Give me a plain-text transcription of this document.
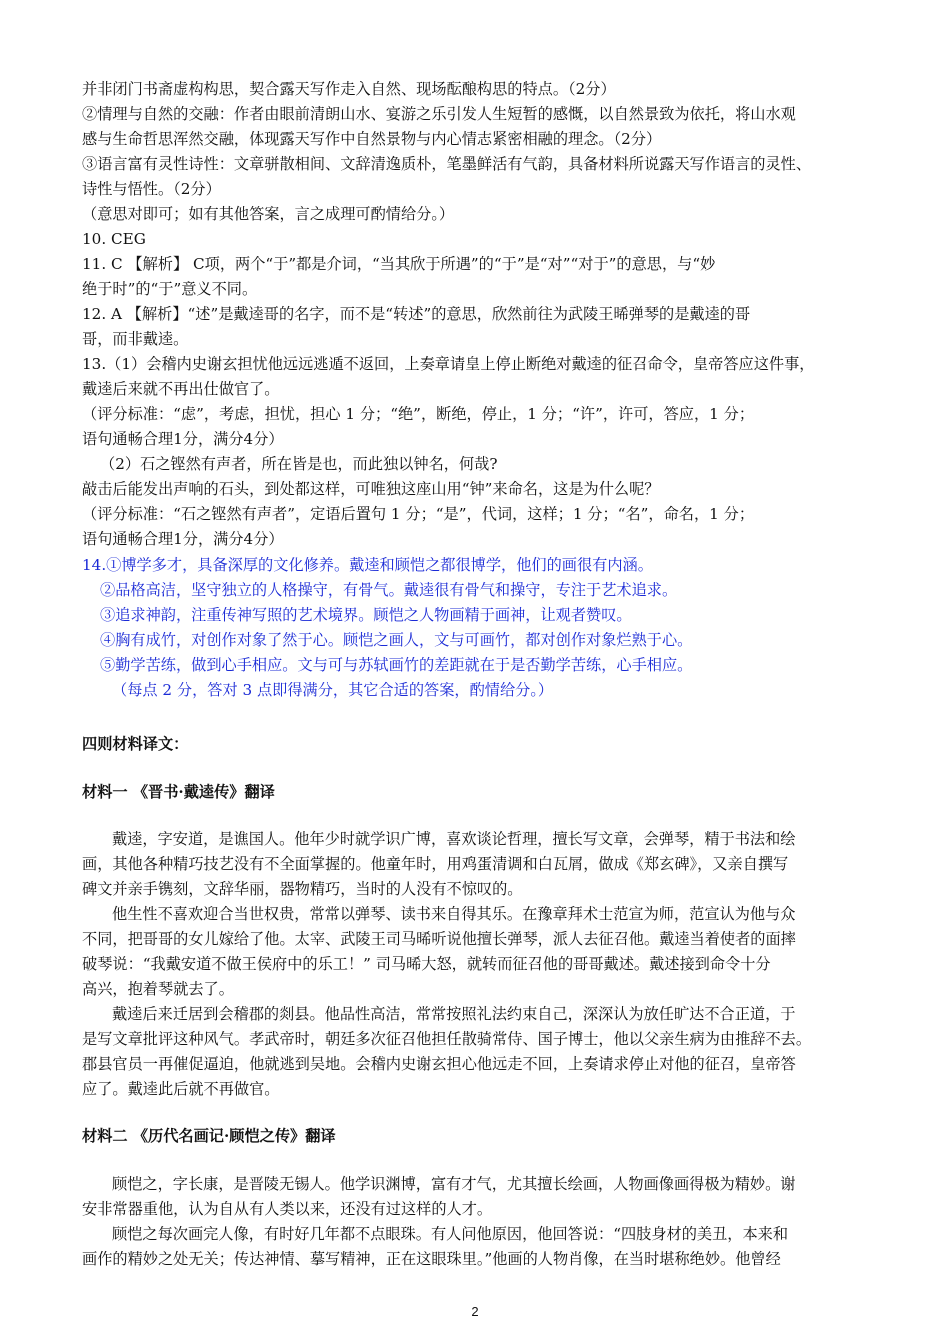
并非闭门书斋虚构构思，契合露天写作走入自然、现场酝酿构思的特点。（2分）
②情理与自然的交融：作者由眼前清朗山水、宴游之乐引发人生短暂的感慨，以自然景致为依托，将山水观
感与生命哲思浑然交融，体现露天写作中自然景物与内心情志紧密相融的理念。（2分）
③语言富有灵性诗性：文章骈散相间、文辞清逸质朴，笔墨鲜活有气韵，具备材料所说露天写作语言的灵性、
诗性与悟性。（2分）
（意思对即可；如有其他答案，言之成理可酌情给分。）
10. CEG
11. C 【解析】 C项，两个“于”都是介词，“当其欣于所遇”的“于”是“对”“对于”的意思，与“妙
绝于时”的“于”意义不同。
12. A 【解析】“述”是戴逵哥的名字，而不是“转述”的意思，欣然前往为武陵王晞弹琴的是戴逵的哥
哥，而非戴逵。
13.（1）会稽内史谢玄担忧他远远逃遁不返回，上奏章请皇上停止断绝对戴逵的征召命令，皇帝答应这件事，
戴逵后来就不再出仕做官了。
（评分标准：“虑”，考虑，担忧，担心 1 分；“绝”，断绝，停止，1 分；“许”，许可，答应，1 分；
语句通畅合理1分，满分4分）
（2）石之铿然有声者，所在皆是也，而此独以钟名，何哉?
敲击后能发出声响的石头，到处都这样，可唯独这座山用“钟”来命名，这是为什么呢？
（评分标准：“石之铿然有声者”，定语后置句 1 分；“是”，代词，这样；1 分；“名”，命名，1 分；
语句通畅合理1分，满分4分）
14.①博学多才，具备深厚的文化修养。戴逵和顾恺之都很博学，他们的画很有内涵。
②品格高洁，坚守独立的人格操守，有骨气。戴逵很有骨气和操守，专注于艺术追求。
③追求神韵，注重传神写照的艺术境界。顾恺之人物画精于画神，让观者赞叹。
④胸有成竹，对创作对象了然于心。顾恺之画人，文与可画竹，都对创作对象烂熟于心。
⑤勤学苦练，做到心手相应。文与可与苏轼画竹的差距就在于是否勤学苦练，心手相应。
（每点 2 分，答对 3 点即得满分，其它合适的答案，酌情给分。）
四则材料译文：
材料一 《晋书·戴逵传》翻译
戴逵，字安道，是谯国人。他年少时就学识广博，喜欢谈论哲理，擅长写文章，会弹琴，精于书法和绘
画，其他各种精巧技艺没有不全面掌握的。他童年时，用鸡蛋清调和白瓦屑，做成《郑玄碑》，又亲自撰写
碑文并亲手镌刻，文辞华丽，器物精巧，当时的人没有不惊叹的。
他生性不喜欢迎合当世权贵，常常以弹琴、读书来自得其乐。在豫章拜术士范宣为师，范宣认为他与众
不同，把哥哥的女儿嫁给了他。太宰、武陵王司马晞听说他擅长弹琴，派人去征召他。戴逵当着使者的面摔
破琴说：“我戴安道不做王侯府中的乐工！” 司马晞大怒，就转而征召他的哥哥戴述。戴述接到命令十分
高兴，抱着琴就去了。
戴逵后来迁居到会稽郡的剡县。他品性高洁，常常按照礼法约束自己，深深认为放任旷达不合正道，于
是写文章批评这种风气。孝武帝时，朝廷多次征召他担任散骑常侍、国子博士，他以父亲生病为由推辞不去。
郡县官员一再催促逼迫，他就逃到吴地。会稽内史谢玄担心他远走不回，上奏请求停止对他的征召，皇帝答
应了。戴逵此后就不再做官。
材料二 《历代名画记·顾恺之传》翻译
顾恺之，字长康，是晋陵无锡人。他学识渊博，富有才气，尤其擅长绘画，人物画像画得极为精妙。谢
安非常器重他，认为自从有人类以来，还没有过这样的人才。
顾恺之每次画完人像，有时好几年都不点眼珠。有人问他原因，他回答说：“四肢身材的美丑，本来和
画作的精妙之处无关；传达神情、摹写精神，正在这眼珠里。”他画的人物肖像，在当时堪称绝妙。他曾经
2
